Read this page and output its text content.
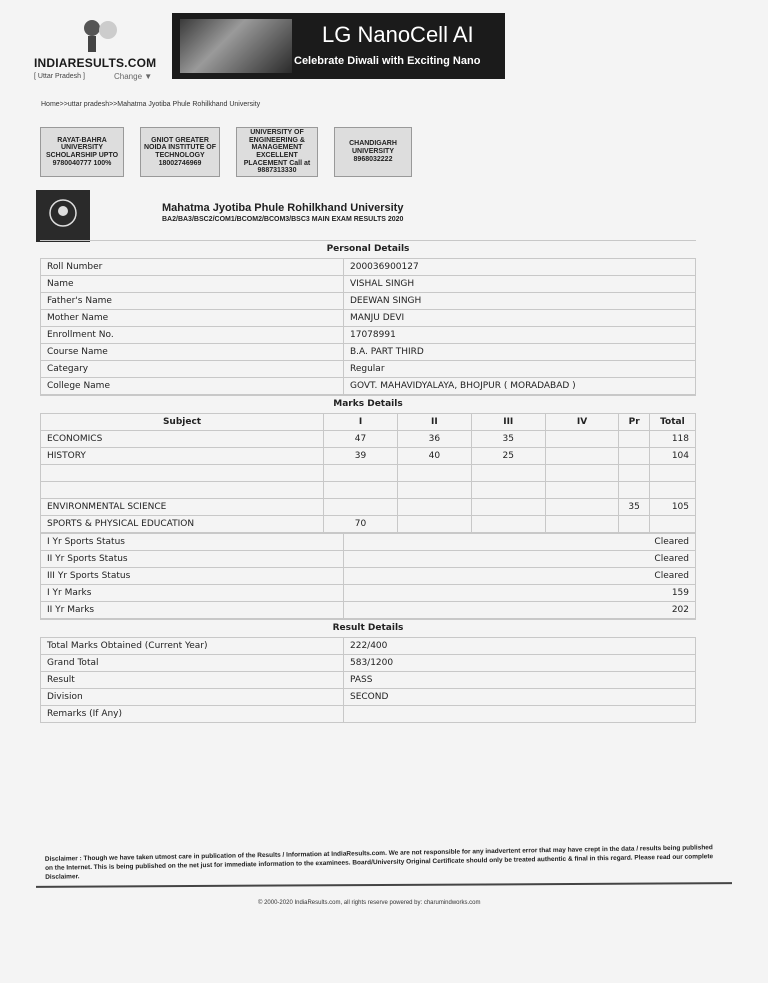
INDIARESULTS.COM
[ Uttar Pradesh ]	Change ▼
LG NanoCell AI
Celebrate Diwali with Exciting Nano
Home>>uttar pradesh>>Mahatma Jyotiba Phule Rohilkhand University
RAYAT-BAHRA UNIVERSITY SCHOLARSHIP UPTO 9780040777 100%
GNIOT GREATER NOIDA INSTITUTE OF TECHNOLOGY 18002746969
UNIVERSITY OF ENGINEERING & MANAGEMENT EXCELLENT PLACEMENT Call at 9887313330
CHANDIGARH UNIVERSITY 8968032222
Mahatma Jyotiba Phule Rohilkhand University
BA2/BA3/BSC2/COM1/BCOM2/BCOM3/BSC3 MAIN EXAM RESULTS 2020
Personal Details
Roll Number	200036900127
Name	VISHAL SINGH
Father's Name	DEEWAN SINGH
Mother Name	MANJU DEVI
Enrollment No.	17078991
Course Name	B.A. PART THIRD
Categary	Regular
College Name	GOVT. MAHAVIDYALAYA, BHOJPUR ( MORADABAD )
Marks Details
Subject	I	II	III	IV	Pr	Total
ECONOMICS	47	36	35			118
HISTORY	39	40	25			104

ENVIRONMENTAL SCIENCE					35	105
SPORTS & PHYSICAL EDUCATION	70					
I Yr Sports Status	Cleared
II Yr Sports Status	Cleared
III Yr Sports Status	Cleared
I Yr Marks	159
II Yr Marks	202
Result Details
Total Marks Obtained (Current Year)	222/400
Grand Total	583/1200
Result	PASS
Division	SECOND
Remarks (If Any)	
Disclaimer : Though we have taken utmost care in publication of the Results / Information at IndiaResults.com. We are not responsible for any inadvertent error that may have crept in the data / results being published on the Internet. This is being published on the net just for immediate information to the examinees. Board/University Original Certificate should only be treated authentic & final in this regard. Please read our complete Disclaimer.
© 2000-2020 IndiaResults.com, all rights reserve powered by: charumindworks.com
